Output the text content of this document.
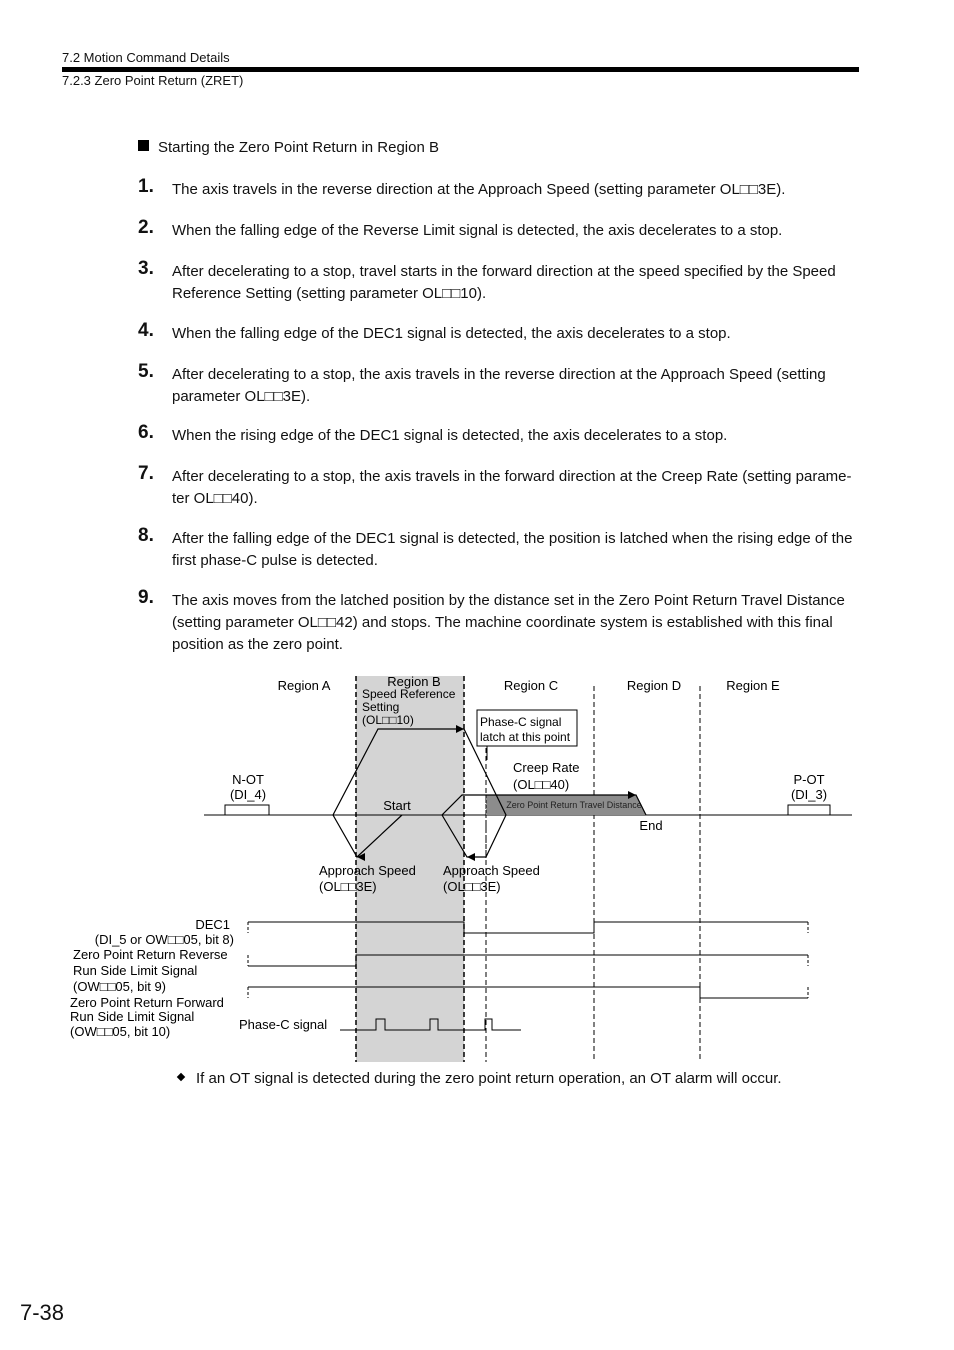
7.2 Motion Command Details
7.2.3 Zero Point Return (ZRET)
Starting the Zero Point Return in Region B
1. The axis travels in the reverse direction at the Approach Speed (setting parameter OL□□3E).
2. When the falling edge of the Reverse Limit signal is detected, the axis decelerates to a stop.
3. After decelerating to a stop, travel starts in the forward direction at the speed specified by the Speed Reference Setting (setting parameter OL□□10).
4. When the falling edge of the DEC1 signal is detected, the axis decelerates to a stop.
5. After decelerating to a stop, the axis travels in the reverse direction at the Approach Speed (setting parameter OL□□3E).
6. When the rising edge of the DEC1 signal is detected, the axis decelerates to a stop.
7. After decelerating to a stop, the axis travels in the forward direction at the Creep Rate (setting parame-ter OL□□40).
8. After the falling edge of the DEC1 signal is detected, the position is latched when the rising edge of the first phase-C pulse is detected.
9. The axis moves from the latched position by the distance set in the Zero Point Return Travel Distance (setting parameter OL□□42) and stops. The machine coordinate system is established with this final position as the zero point.
Region A	Region B	Region C	Region D	Region E
Speed Reference
Setting
(OL□□10)	Phase-C signal
latch at this point
Creep Rate
(OL□□40)
N-OT
(DI_4)
P-OT
(DI_3)
Zero Point Return Travel Distance
Start
End
Approach Speed
(OL□□3E)
Approach Speed
(OL□□3E)
DEC1
(DI_5 or OW□□05, bit 8)
Zero Point Return Reverse
Run Side Limit Signal
(OW□□05, bit 9)
Zero Point Return Forward
Run Side Limit Signal
(OW□□05, bit 10)	Phase-C signal
If an OT signal is detected during the zero point return operation, an OT alarm will occur.
7-38
